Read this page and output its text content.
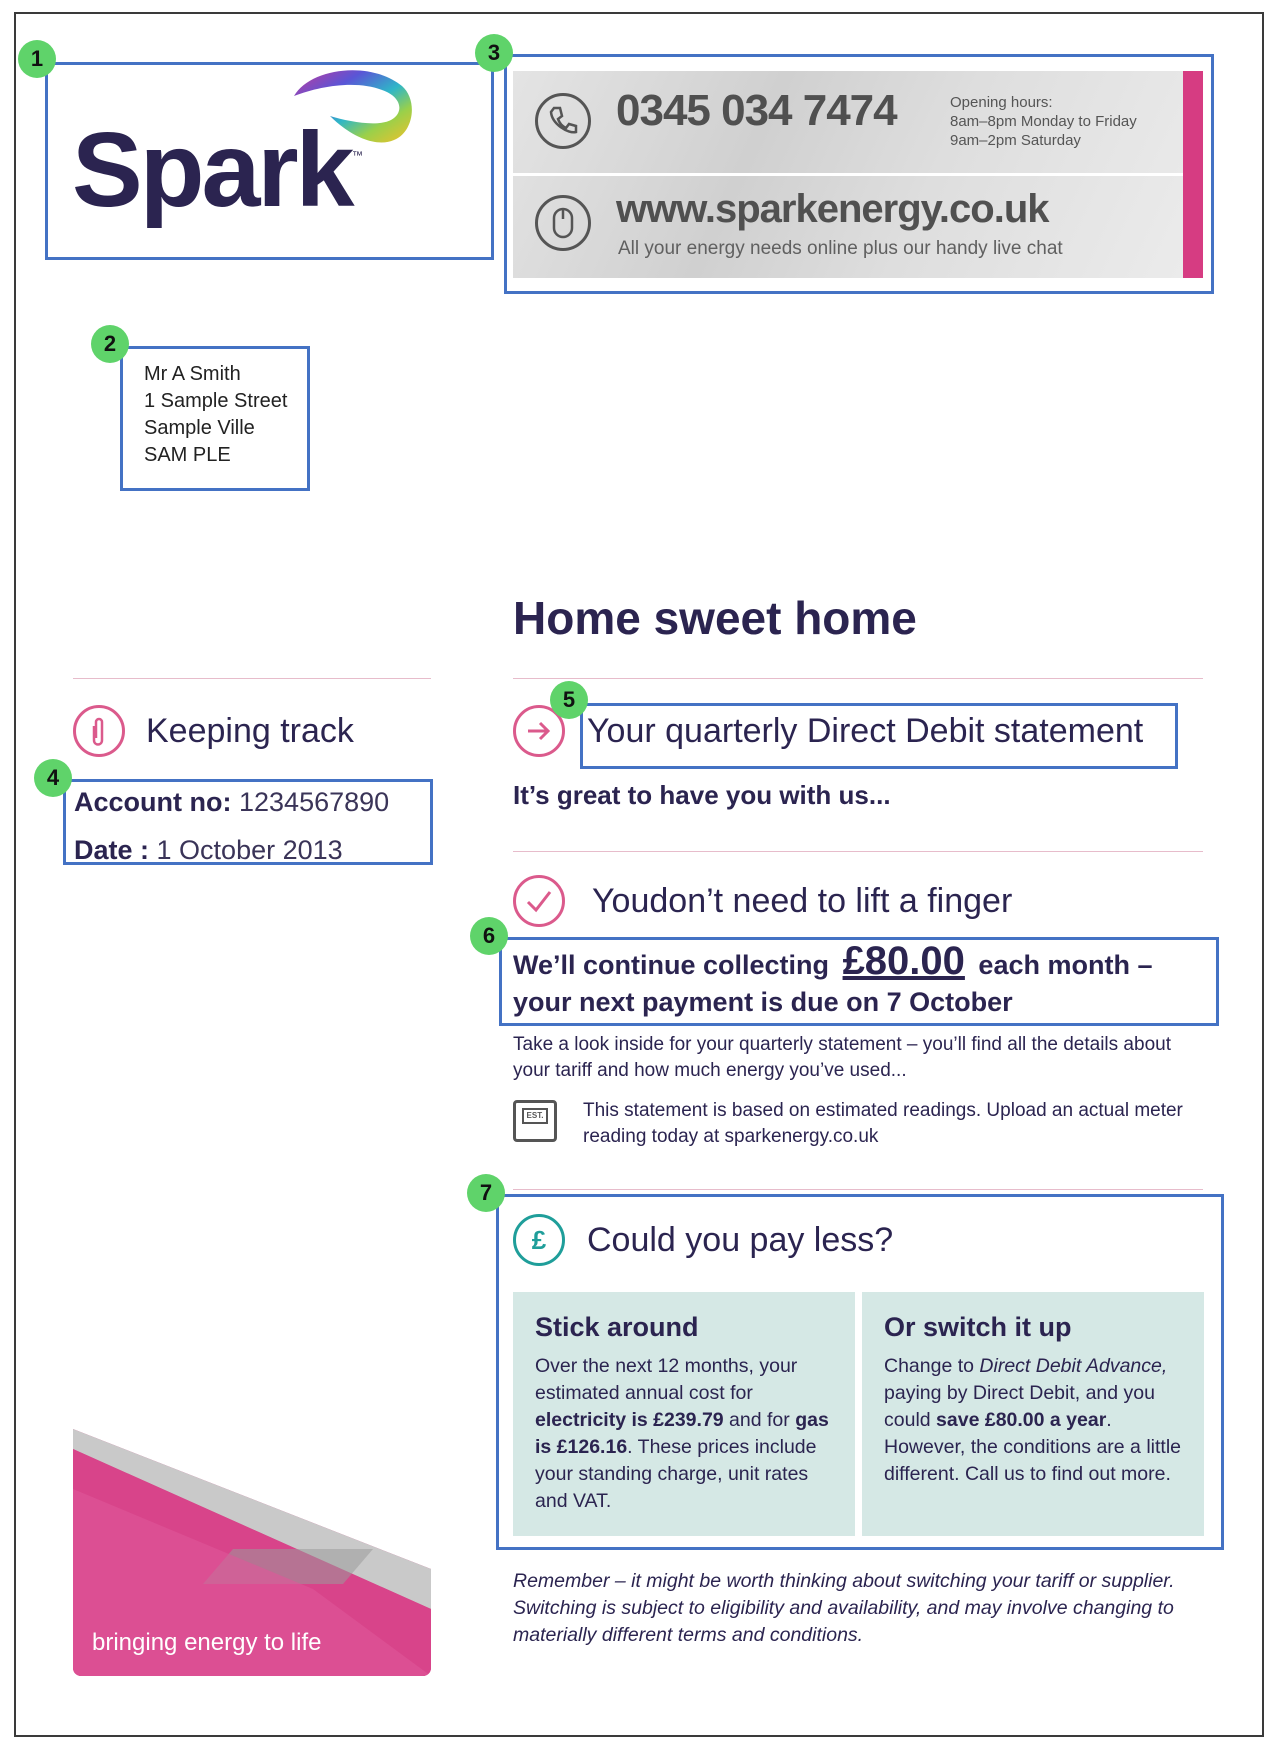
Spark ™
0345 034 7474	Opening hours:
8am–8pm Monday to Friday
9am–2pm Saturday
www.sparkenergy.co.uk
All your energy needs online plus our handy live chat
Mr A Smith
1 Sample Street
Sample Ville
SAM PLE
Home sweet home
Keeping track
Account no: 1234567890
Date : 1 October 2013
Your quarterly Direct Debit statement
It’s great to have you with us...
Youdon’t need to lift a finger
We’ll continue collecting £80.00 each month – your next payment is due on 7 October
Take a look inside for your quarterly statement – you’ll find all the details about your tariff and how much energy you’ve used...
EST. This statement is based on estimated readings. Upload an actual meter reading today at sparkenergy.co.uk
£ Could you pay less?
Stick around

Over the next 12 months, your estimated annual cost for electricity is £239.79 and for gas is £126.16. These prices include your standing charge, unit rates and VAT.

Or switch it up

Change to Direct Debit Advance, paying by Direct Debit, and you could save £80.00 a year. However, the conditions are a little different. Call us to find out more.

Remember – it might be worth thinking about switching your tariff or supplier. Switching is subject to eligibility and availability, and may involve changing to materially different terms and conditions.
bringing energy to life
1
2
3
4
5
6
7
